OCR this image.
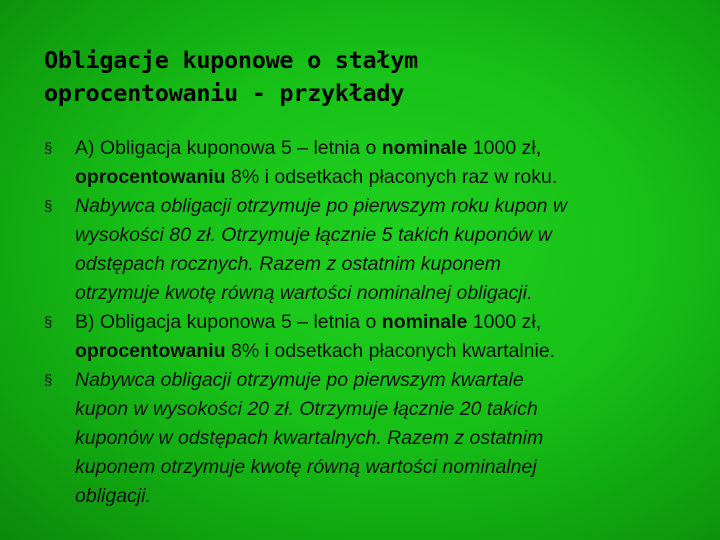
Obligacje kuponowe o stałym
oprocentowaniu - przykłady
§	A) Obligacja kuponowa 5 – letnia o nominale 1000 zł,
oprocentowaniu 8% i odsetkach płaconych raz w roku.
§	Nabywca obligacji otrzymuje po pierwszym roku kupon w
wysokości 80 zł. Otrzymuje łącznie 5 takich kuponów w
odstępach rocznych. Razem z ostatnim kuponem
otrzymuje kwotę równą wartości nominalnej obligacji.
§	B) Obligacja kuponowa 5 – letnia o nominale 1000 zł,
oprocentowaniu 8% i odsetkach płaconych kwartalnie.
§	Nabywca obligacji otrzymuje po pierwszym kwartale
kupon w wysokości 20 zł. Otrzymuje łącznie 20 takich
kuponów w odstępach kwartalnych. Razem z ostatnim
kuponem otrzymuje kwotę równą wartości nominalnej
obligacji.
